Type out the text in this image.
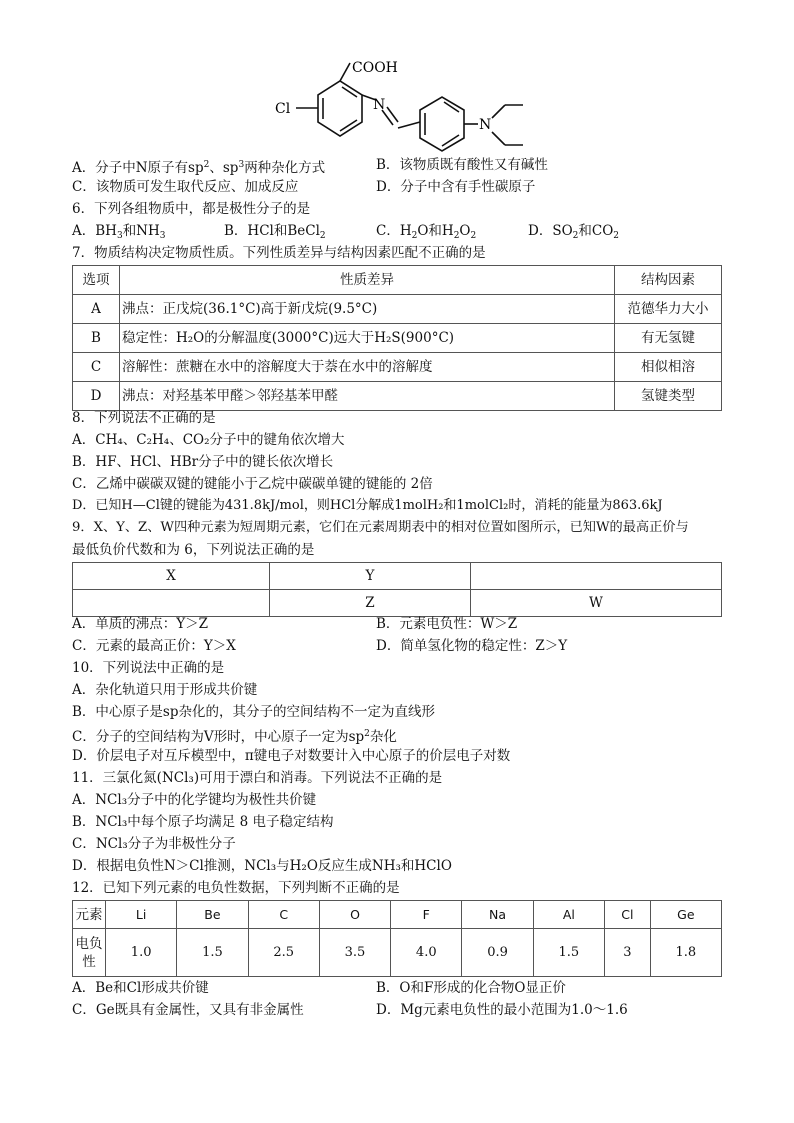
COOH
Cl	N
N
A．分子中N原子有$sp^2$、$sp^3$两种杂化方式	B．该物质既有酸性又有碱性
C．该物质可发生取代反应、加成反应	D．分子中含有手性碳原子
6．下列各组物质中，都是极性分子的是
A．$BH_3$和$NH_3$	B．HCl和BeCl$_2$	C．$H_2O$和$H_2O_2$	D．$SO_2$和$CO_2$
7．物质结构决定物质性质。下列性质差异与结构因素匹配不正确的是
选项	性质差异	结构因素
A	沸点：正戊烷(36.1°C)高于新戊烷(9.5°C)	范德华力大小
B	稳定性：H₂O的分解温度(3000°C)远大于H₂S(900°C)	有无氢键
C	溶解性：蔗糖在水中的溶解度大于萘在水中的溶解度	相似相溶
D	沸点：对羟基苯甲醛＞邻羟基苯甲醛	氢键类型
8．下列说法不正确的是
A．CH₄、C₂H₄、CO₂分子中的键角依次增大
B．HF、HCl、HBr分子中的键长依次增长
C．乙烯中碳碳双键的键能小于乙烷中碳碳单键的键能的 2倍
D．已知H—Cl键的键能为431.8kJ/mol，则HCl分解成1molH₂和1molCl₂时，消耗的能量为863.6kJ
9．X、Y、Z、W四种元素为短周期元素，它们在元素周期表中的相对位置如图所示，已知W的最高正价与
最低负价代数和为 6，下列说法正确的是
X	Y	
	Z	W
A．单质的沸点：Y＞Z	B．元素电负性：W＞Z
C．元素的最高正价：Y＞X	D．简单氢化物的稳定性：Z＞Y
10．下列说法中正确的是
A．杂化轨道只用于形成共价键
B．中心原子是sp杂化的，其分子的空间结构不一定为直线形
C．分子的空间结构为V形时，中心原子一定为$sp^2$杂化
D．价层电子对互斥模型中，π键电子对数要计入中心原子的价层电子对数
11．三氯化氮(NCl₃)可用于漂白和消毒。下列说法不正确的是
A．NCl₃分子中的化学键均为极性共价键
B．NCl₃中每个原子均满足 8 电子稳定结构
C．NCl₃分子为非极性分子
D．根据电负性N＞Cl推测，NCl₃与H₂O反应生成NH₃和HClO
12．已知下列元素的电负性数据，下列判断不正确的是
元素	Li	Be	C	O	F	Na	Al	Cl	Ge
电负
性	1.0	1.5	2.5	3.5	4.0	0.9	1.5	3	1.8
A．Be和Cl形成共价键	B．O和F形成的化合物O显正价
C．Ge既具有金属性，又具有非金属性	D．Mg元素电负性的最小范围为1.0～1.6
